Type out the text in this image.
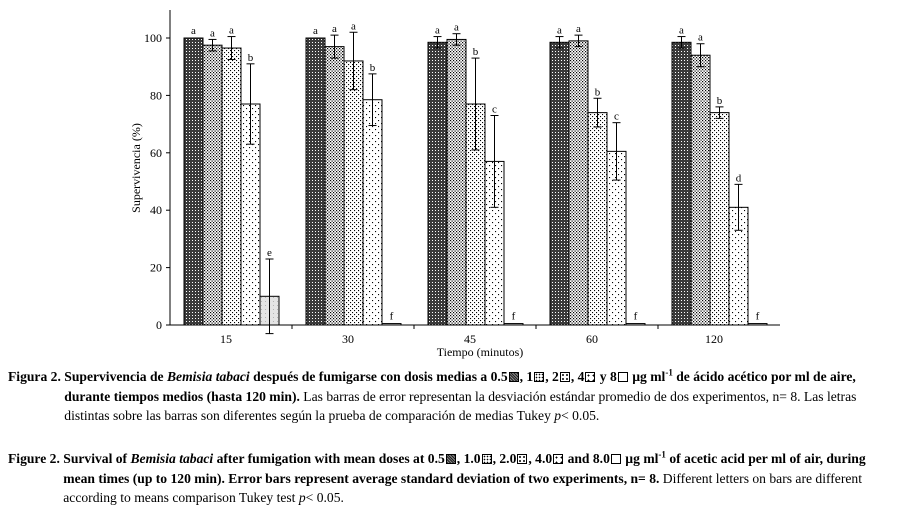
0
20
40
60
80
100
15	30	45	60	120
a a a
b
e
a a a
b
f
a a
b
c
f
a a
b
c
f
a
a
b
d
f
Supervivencia (%)
Tiempo (minutos)
Figura 2. Supervivencia de Bemisia tabaci después de fumigarse con dosis medias a 0.5 , 1 , 2 , 4 y 8 µg $ml^{-1}$ de ácido acético por ml de aire, durante tiempos medios (hasta 120 min). Las barras de error representan la desviación estándar promedio de dos experimentos, n= 8. Las letras distintas sobre las barras son diferentes según la prueba de comparación de medias Tukey p< 0.05.
Figure 2. Survival of Bemisia tabaci after fumigation with mean doses at 0.5 , 1.0 , 2.0 , 4.0 and 8.0 µg $ml^{-1}$ of acetic acid per ml of air, during mean times (up to 120 min). Error bars represent average standard deviation of two experiments, n= 8. Different letters on bars are different according to means comparison Tukey test p< 0.05.
